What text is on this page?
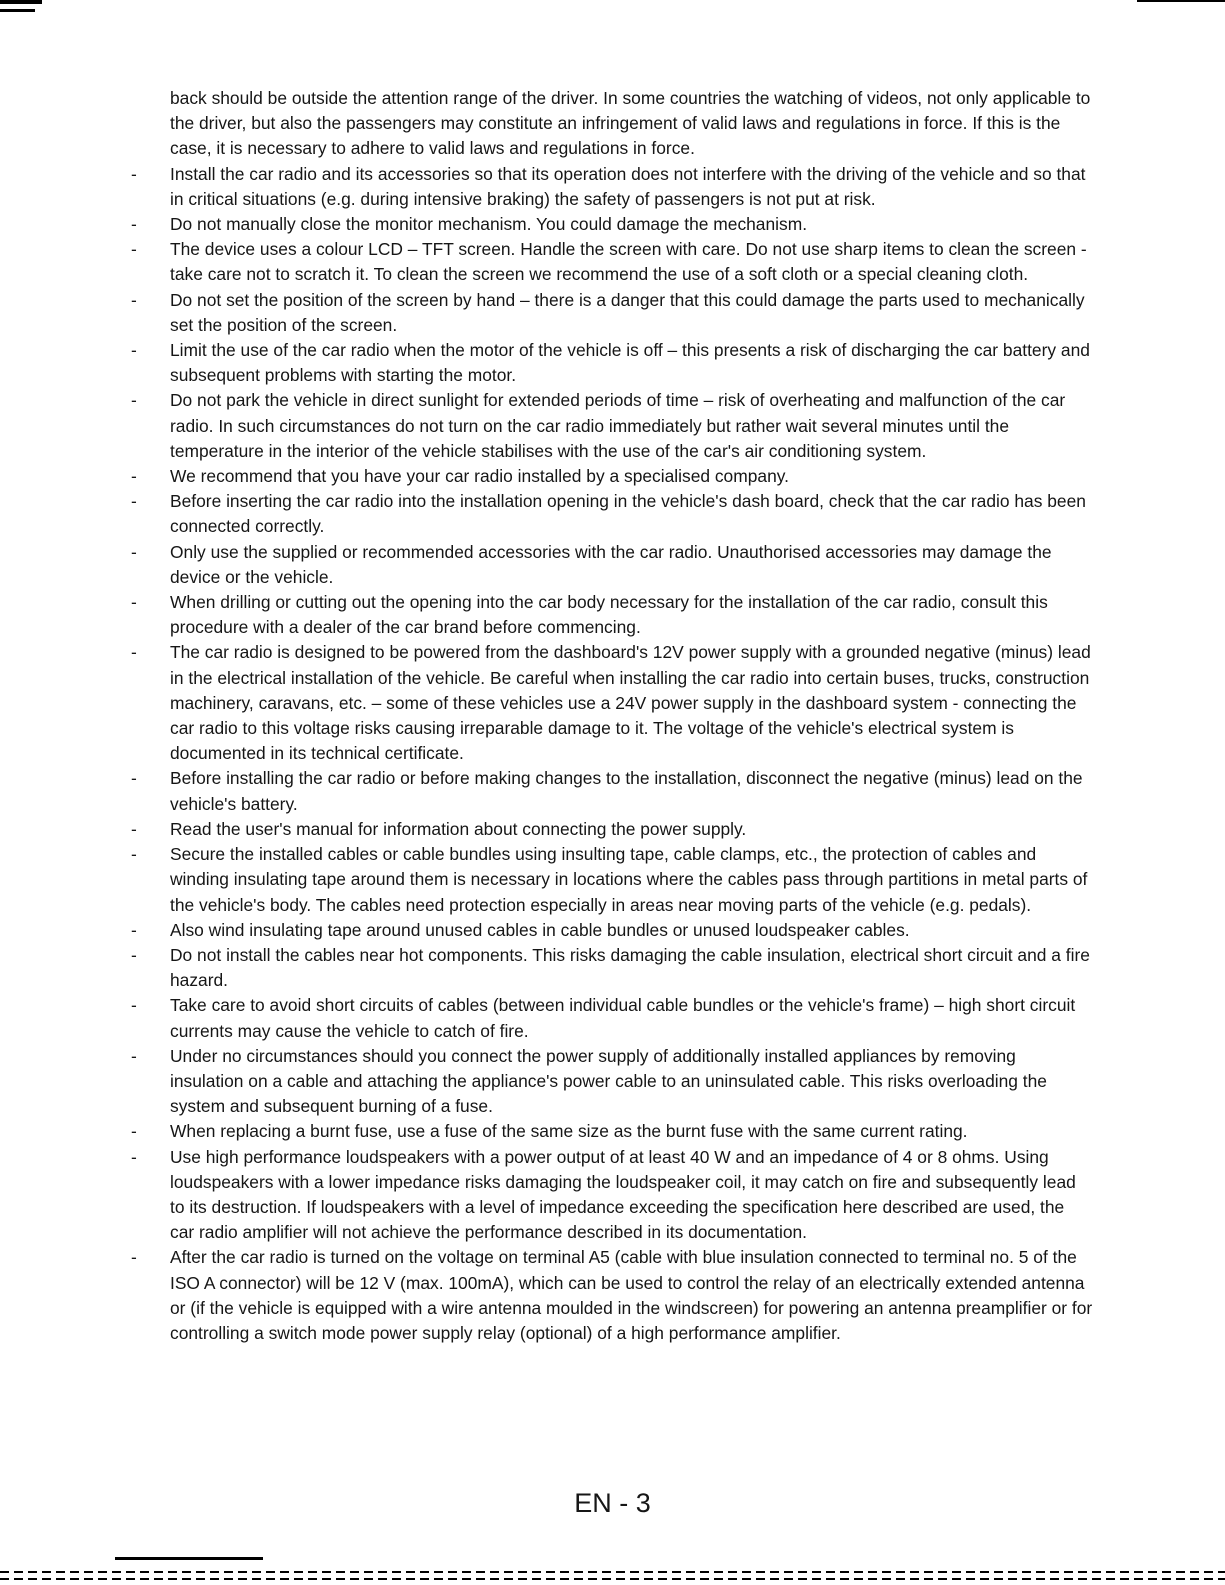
back should be outside the attention range of the driver. In some countries the watching of videos, not only applicable to the driver, but also the passengers may constitute an infringement of valid laws and regulations in force. If this is the case, it is necessary to adhere to valid laws and regulations in force.

-	Install the car radio and its accessories so that its operation does not interfere with the driving of the vehicle and so that in critical situations (e.g. during intensive braking) the safety of passengers is not put at risk.
-	Do not manually close the monitor mechanism. You could damage the mechanism.
-	The device uses a colour LCD – TFT screen. Handle the screen with care. Do not use sharp items to clean the screen - take care not to scratch it. To clean the screen we recommend the use of a soft cloth or a special cleaning cloth.
-	Do not set the position of the screen by hand – there is a danger that this could damage the parts used to mechanically set the position of the screen.
-	Limit the use of the car radio when the motor of the vehicle is off – this presents a risk of discharging the car battery and subsequent problems with starting the motor.
-	Do not park the vehicle in direct sunlight for extended periods of time – risk of overheating and malfunction of the car radio. In such circumstances do not turn on the car radio immediately but rather wait several minutes until the temperature in the interior of the vehicle stabilises with the use of the car's air conditioning system.
-	We recommend that you have your car radio installed by a specialised company.
-	Before inserting the car radio into the installation opening in the vehicle's dash board, check that the car radio has been connected correctly.
-	Only use the supplied or recommended accessories with the car radio. Unauthorised accessories may damage the device or the vehicle.
-	When drilling or cutting out the opening into the car body necessary for the installation of the car radio, consult this procedure with a dealer of the car brand before commencing.
-	The car radio is designed to be powered from the dashboard's 12V power supply with a grounded negative (minus) lead in the electrical installation of the vehicle. Be careful when installing the car radio into certain buses, trucks, construction machinery, caravans, etc. – some of these vehicles use a 24V power supply in the dashboard system - connecting the car radio to this voltage risks causing irreparable damage to it. The voltage of the vehicle's electrical system is documented in its technical certificate.
-	Before installing the car radio or before making changes to the installation, disconnect the negative (minus) lead on the vehicle's battery.
-	Read the user's manual for information about connecting the power supply.
-	Secure the installed cables or cable bundles using insulting tape, cable clamps, etc., the protection of cables and winding insulating tape around them is necessary in locations where the cables pass through partitions in metal parts of the vehicle's body. The cables need protection especially in areas near moving parts of the vehicle (e.g. pedals).
-	Also wind insulating tape around unused cables in cable bundles or unused loudspeaker cables.
-	Do not install the cables near hot components. This risks damaging the cable insulation, electrical short circuit and a fire hazard.
-	Take care to avoid short circuits of cables (between individual cable bundles or the vehicle's frame) – high short circuit currents may cause the vehicle to catch of fire.
-	Under no circumstances should you connect the power supply of additionally installed appliances by removing insulation on a cable and attaching the appliance's power cable to an uninsulated cable. This risks overloading the system and subsequent burning of a fuse.
-	When replacing a burnt fuse, use a fuse of the same size as the burnt fuse with the same current rating.
-	Use high performance loudspeakers with a power output of at least 40 W and an impedance of 4 or 8 ohms. Using loudspeakers with a lower impedance risks damaging the loudspeaker coil, it may catch on fire and subsequently lead to its destruction. If loudspeakers with a level of impedance exceeding the specification here described are used, the car radio amplifier will not achieve the performance described in its documentation.
-	After the car radio is turned on the voltage on terminal A5 (cable with blue insulation connected to terminal no. 5 of the ISO A connector) will be 12 V (max. 100mA), which can be used to control the relay of an electrically extended antenna or (if the vehicle is equipped with a wire antenna moulded in the windscreen) for powering an antenna preamplifier or for controlling a switch mode power supply relay (optional) of a high performance amplifier.
EN - 3
